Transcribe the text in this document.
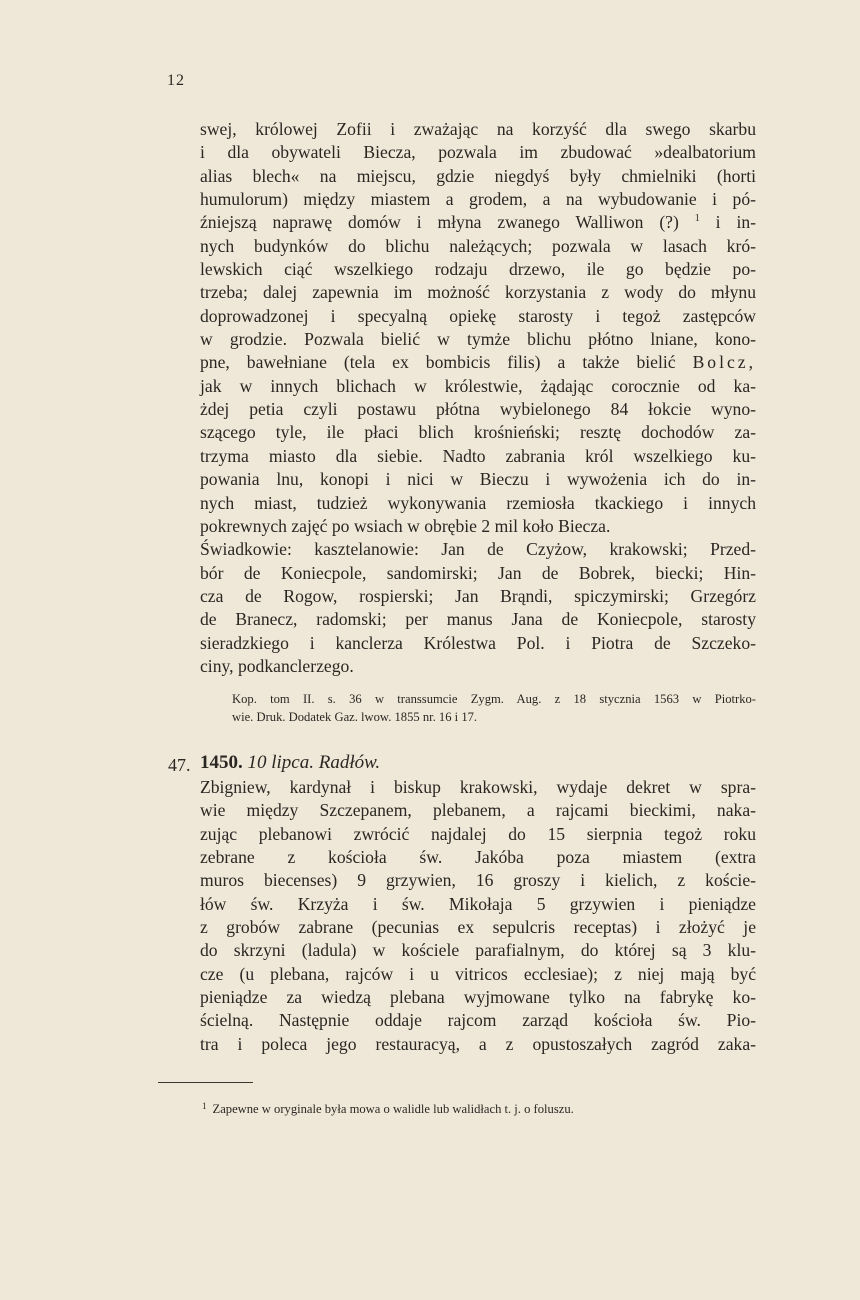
12
swej, królowej Zofii i zważając na korzyść dla swego skarbu
i dla obywateli Biecza, pozwala im zbudować »dealbatorium
alias blech« na miejscu, gdzie niegdyś były chmielniki (horti
humulorum) między miastem a grodem, a na wybudowanie i pó-
źniejszą naprawę domów i młyna zwanego Walliwon (?) $^1$ i in-
nych budynków do blichu należących; pozwala w lasach kró-
lewskich ciąć wszelkiego rodzaju drzewo, ile go będzie po-
trzeba; dalej zapewnia im możność korzystania z wody do młynu
doprowadzonej i specyalną opiekę starosty i tegoż zastępców
w grodzie. Pozwala bielić w tymże blichu płótno lniane, kono-
pne, bawełniane (tela ex bombicis filis) a także bielić Bolcz,
jak w innych blichach w królestwie, żądając corocznie od ka-
żdej petia czyli postawu płótna wybielonego 84 łokcie wyno-
szącego tyle, ile płaci blich krośnieński; resztę dochodów za-
trzyma miasto dla siebie. Nadto zabrania król wszelkiego ku-
powania lnu, konopi i nici w Bieczu i wywożenia ich do in-
nych miast, tudzież wykonywania rzemiosła tkackiego i innych
pokrewnych zajęć po wsiach w obrębie 2 mil koło Biecza.
Świadkowie: kasztelanowie: Jan de Czyżow, krakowski; Przed-
bór de Koniecpole, sandomirski; Jan de Bobrek, biecki; Hin-
cza de Rogow, rospierski; Jan Brąndi, spiczymirski; Grzegórz
de Branecz, radomski; per manus Jana de Koniecpole, starosty
sieradzkiego i kanclerza Królestwa Pol. i Piotra de Szczeko-
ciny, podkanclerzego.
Kop. tom II. s. 36 w transsumcie Zygm. Aug. z 18 stycznia 1563 w Piotrko-
wie. Druk. Dodatek Gaz. lwow. 1855 nr. 16 i 17.
47. 1450. 10 lipca. Radłów.
Zbigniew, kardynał i biskup krakowski, wydaje dekret w spra-
wie między Szczepanem, plebanem, a rajcami bieckimi, naka-
zując plebanowi zwrócić najdalej do 15 sierpnia tegoż roku
zebrane z kościoła św. Jakóba poza miastem (extra
muros biecenses) 9 grzywien, 16 groszy i kielich, z koście-
łów św. Krzyża i św. Mikołaja 5 grzywien i pieniądze
z grobów zabrane (pecunias ex sepulcris receptas) i złożyć je
do skrzyni (ladula) w kościele parafialnym, do której są 3 klu-
cze (u plebana, rajców i u vitricos ecclesiae); z niej mają być
pieniądze za wiedzą plebana wyjmowane tylko na fabrykę ko-
ścielną. Następnie oddaje rajcom zarząd kościoła św. Pio-
tra i poleca jego restauracyą, a z opustoszałych zagród zaka-
$^1$ Zapewne w oryginale była mowa o walidle lub walidłach t. j. o foluszu.
